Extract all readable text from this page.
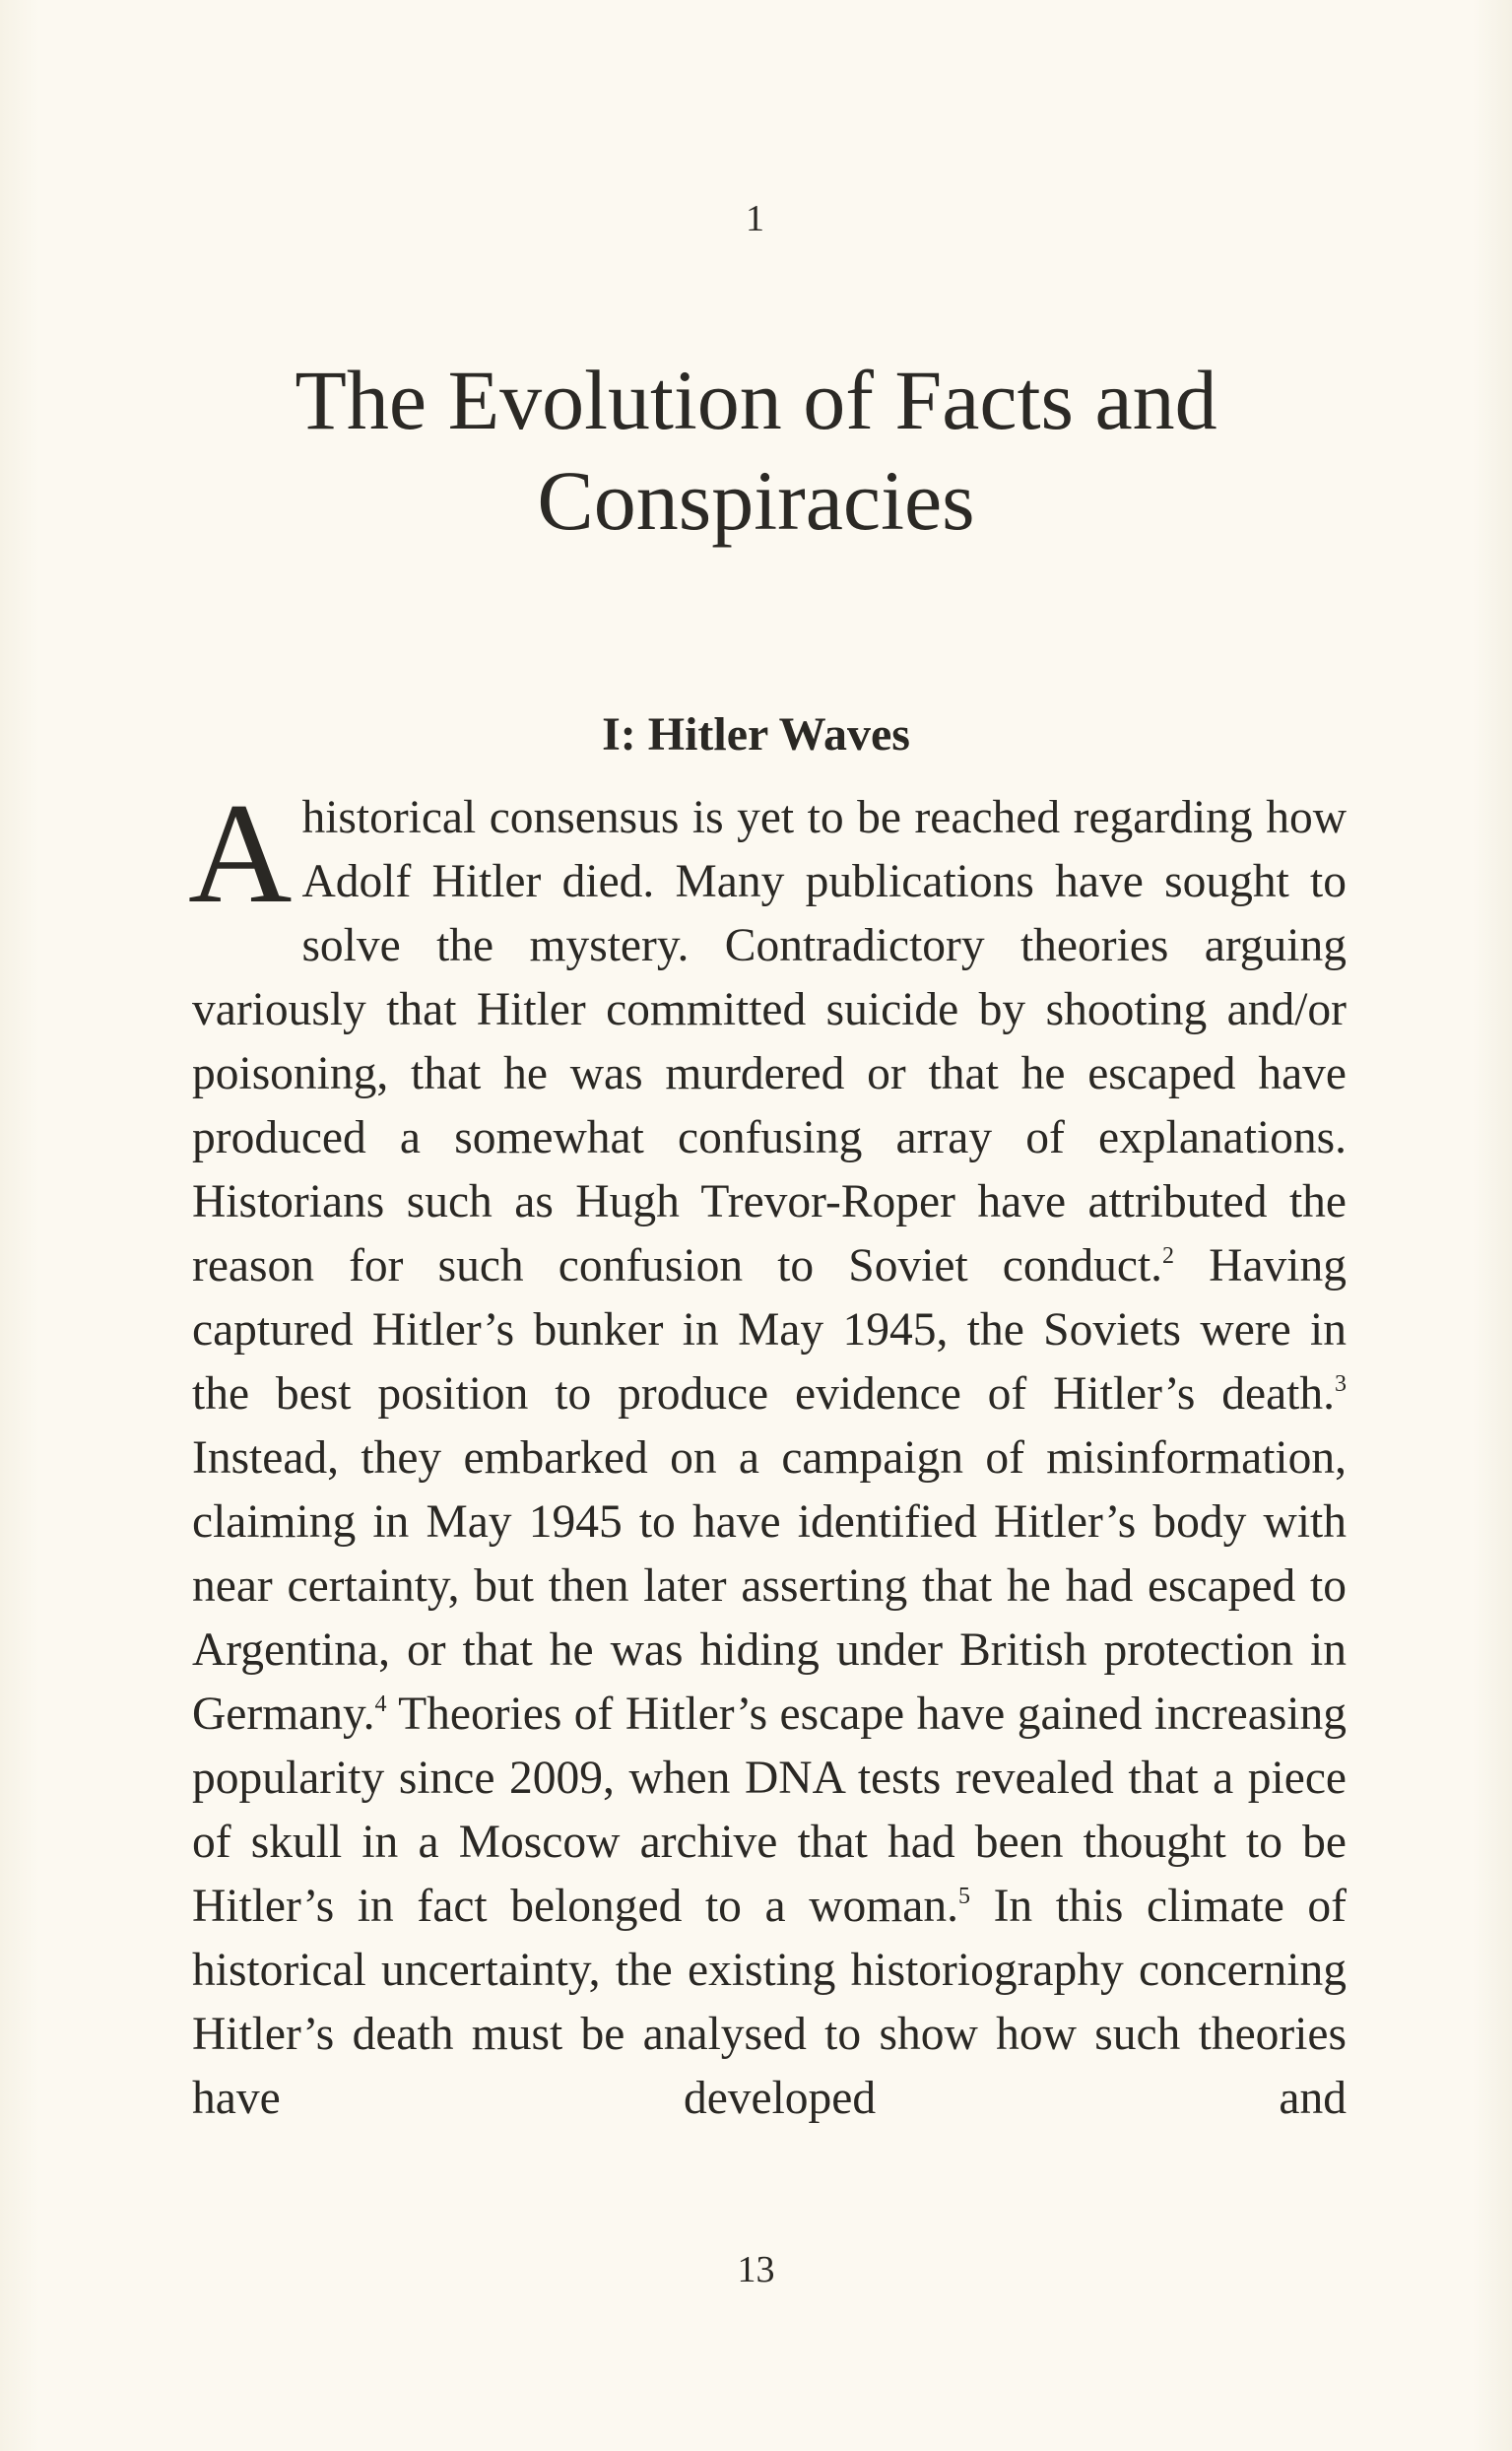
1
The Evolution of Facts and Conspiracies
I: Hitler Waves

A historical consensus is yet to be reached regarding how Adolf Hitler died. Many publications have sought to solve the mystery. Contradictory theories arguing variously that Hitler committed suicide by shooting and/or poisoning, that he was murdered or that he escaped have produced a somewhat confusing array of explanations. Historians such as Hugh Trevor-Roper have attributed the reason for such confusion to Soviet conduct.$^2$ Having captured Hitler’s bunker in May 1945, the Soviets were in the best position to produce evidence of Hitler’s death.$^3$ Instead, they embarked on a campaign of misinformation, claiming in May 1945 to have identified Hitler’s body with near certainty, but then later asserting that he had escaped to Argentina, or that he was hiding under British protection in Germany.$^4$ Theories of Hitler’s escape have gained increasing popularity since 2009, when DNA tests revealed that a piece of skull in a Moscow archive that had been thought to be Hitler’s in fact belonged to a woman.$^5$ In this climate of historical uncertainty, the existing historiography concerning Hitler’s death must be analysed to show how such theories have developed and

13
